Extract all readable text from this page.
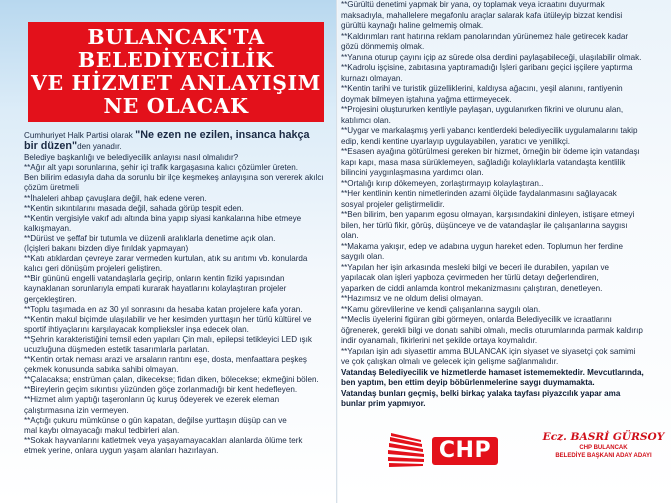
BULANCAK'TA
BELEDİYECİLİK
VE HİZMET ANLAYIŞIM
NE OLACAK
Cumhuriyet Halk Partisi olarak "Ne ezen ne ezilen, insanca hakça
bir düzen"den yanadır.
Belediye başkanlığı ve belediyecilik anlayısı nasıl olmalıdır?
**Ağır alt yapı sorunlarına, şehir içi trafik kargaşasına kalıcı çözümler üreten.
Ben bilirim edasıyla daha da sorunlu bir ilçe keşmekeş anlayışına son vererek akılcı
çözüm üretmeli
**İhaleleri ahbap çavuşlara değil, hak edene veren.
**Kentin sıkıntılarını masada değil, sahada görüp tespit eden.
**Kentin vergisiyle vakıf adı altında bina yapıp siyasi kankalarına hibe etmeye
kalkışmayan.
**Dürüst ve şeffaf bir tutumla ve düzenli aralıklarla denetime açık olan.
(İçişleri bakanı bizden diye fırıldak yapmayan)
**Katı atıklardan çevreye zarar vermeden kurtulan, atık su arıtımı vb. konularda
kalıcı geri dönüşüm projeleri geliştiren.
**Bir gününü engelli vatandaşlarla geçirip, onların kentin fiziki yapısından
kaynaklanan sorunlarıyla empati kurarak hayatlarını kolaylaştıran projeler
gerçekleştiren.
**Toplu taşımada en az 30 yıl sonrasını da hesaba katan projelere kafa yoran.
**Kentin makul biçimde ulaşılabilir ve her kesimden yurttaşın her türlü kültürel ve
sportif ihtiyaçlarını karşılayacak komplieksler inşa edecek olan.
**Şehrin karakteristiğini temsil eden yapıları Çin malı, epilepsi tetikleyici LED ışık
ucuzluğuna düşmeden estetik tasarımlarla parlatan.
**Kentin ortak neması arazi ve arsaların rantını eşe, dosta, menfaattara peşkeş
çekmek konusunda sabıka sahibi olmayan.
**Çalacaksa; enstrüman çalan, dikecekse; fidan diken, bölecekse; ekmeğini bölen.
**Bireylerin geçim sıkıntısı yüzünden göçe zorlanmadığı bir kent hedefleyen.
**Hizmet alım yaptığı taşeronların üç kuruş ödeyerek ve ezerek eleman
çalıştırmasına izin vermeyen.
**Açtığı çukuru mümkünse o gün kapatan, değilse yurttaşın düşüp can ve
mal kaybı olmayacağı makul tedbirleri alan.
**Sokak hayvanlarını katletmek veya yaşayamayacakları alanlarda ölüme terk
etmek yerine, onlara uygun yaşam alanları hazırlayan.
**Gürültü denetimi yapmak bir yana, oy toplamak veya icraatını duyurmak
maksadıyla, mahallelere megafonlu araçlar salarak kafa ütüleyip bizzat kendisi
gürültü kaynağı haline gelmemiş olmak.
**Kaldırımları rant hatırına reklam panolarından yürünemez hale getirecek kadar
gözü dönmemiş olmak.
**Yanına oturup çayını içip az sürede olsa derdini paylaşabileceği, ulaşılabilir olmak.
**Kadrolu işçisine, zabıtasına yaptıramadığı İşleri garibanı geçici işçilere yaptırma
kurnazı olmayan.
**Kentin tarihi ve turistik güzelliklerini, kaldıysa ağacını, yeşil alanını, rantiyenin
doymak bilmeyen iştahına yağma ettirmeyecek.
**Projesini oluştururken kentliyle paylaşan, uygulanırken fikrini ve olurunu alan,
katılımcı olan.
**Uygar ve markalaşmış yerli yabancı kentlerdeki belediyecilik uygulamalarını takip
edip, kendi kentine uyarlayıp uygulayabilen, yaratıcı ve yenilikçi.
**Esasen ayağına götürülmesi gereken bir hizmet, örneğin bir ödeme için vatandaşı
kapı kapı, masa masa sürüklemeyen, sağladığı kolaylıklarla vatandaşta kentlilik
bilincini yaygınlaşmasına yardımcı olan.
**Ortalığı kırıp dökemeyen, zorlaştırmayıp kolaylaştıran..
**Her kentlinin kentin nimetlerinden azami ölçüde faydalanmasını sağlayacak
sosyal projeler geliştirmelidir.
**Ben bilirim, ben yaparım egosu olmayan, karşısındakini dinleyen, istişare etmeyi
bilen, her türlü fikir, görüş, düşünceye ve de vatandaşlar ile çalışanlarına saygısı
olan.
**Makama yakışır, edep ve adabına uygun hareket eden. Toplumun her ferdine
saygılı olan.
**Yapılan her işin arkasında mesleki bilgi ve beceri ile durabilen, yapılan ve
yapılacak olan işleri yapboza çevirmeden her türlü detayı değerlendiren,
yaparken de ciddi anlamda kontrol mekanizmasını çalıştıran, denetleyen.
**Hazımsız ve ne oldum delisi olmayan.
**Kamu görevlilerine ve kendi çalışanlarına saygılı olan.
**Meclis üyelerini figüran gibi görmeyen, onlarda Belediyecilik ve icraatlarını
öğrenerek, gerekli bilgi ve donatı sahibi olmalı, meclis oturumlarında parmak kaldırıp
indir oyanamalı, fikirlerini net şekilde ortaya koymalıdır.
**Yapılan işin adı siyasettir amma BULANCAK için siyaset ve siyasetçi çok samimi
ve çok çalışkan olmalı ve gelecek için gelişme sağlanmalıdır.
Vatandaş Belediyecilik ve hizmetlerde hamaset istememektedir. Mevcutlarında,
ben yaptım, ben ettim deyip böbürlenmelerine saygı duymamakta.
Vatandaş bunları geçmiş, belki birkaç yalaka tayfası piyazcılık yapar ama
bunlar prim yapmıyor.
CHP
Ecz. BASRİ GÜRSOY
CHP BULANCAK
BELEDİYE BAŞKANI ADAY ADAYI
